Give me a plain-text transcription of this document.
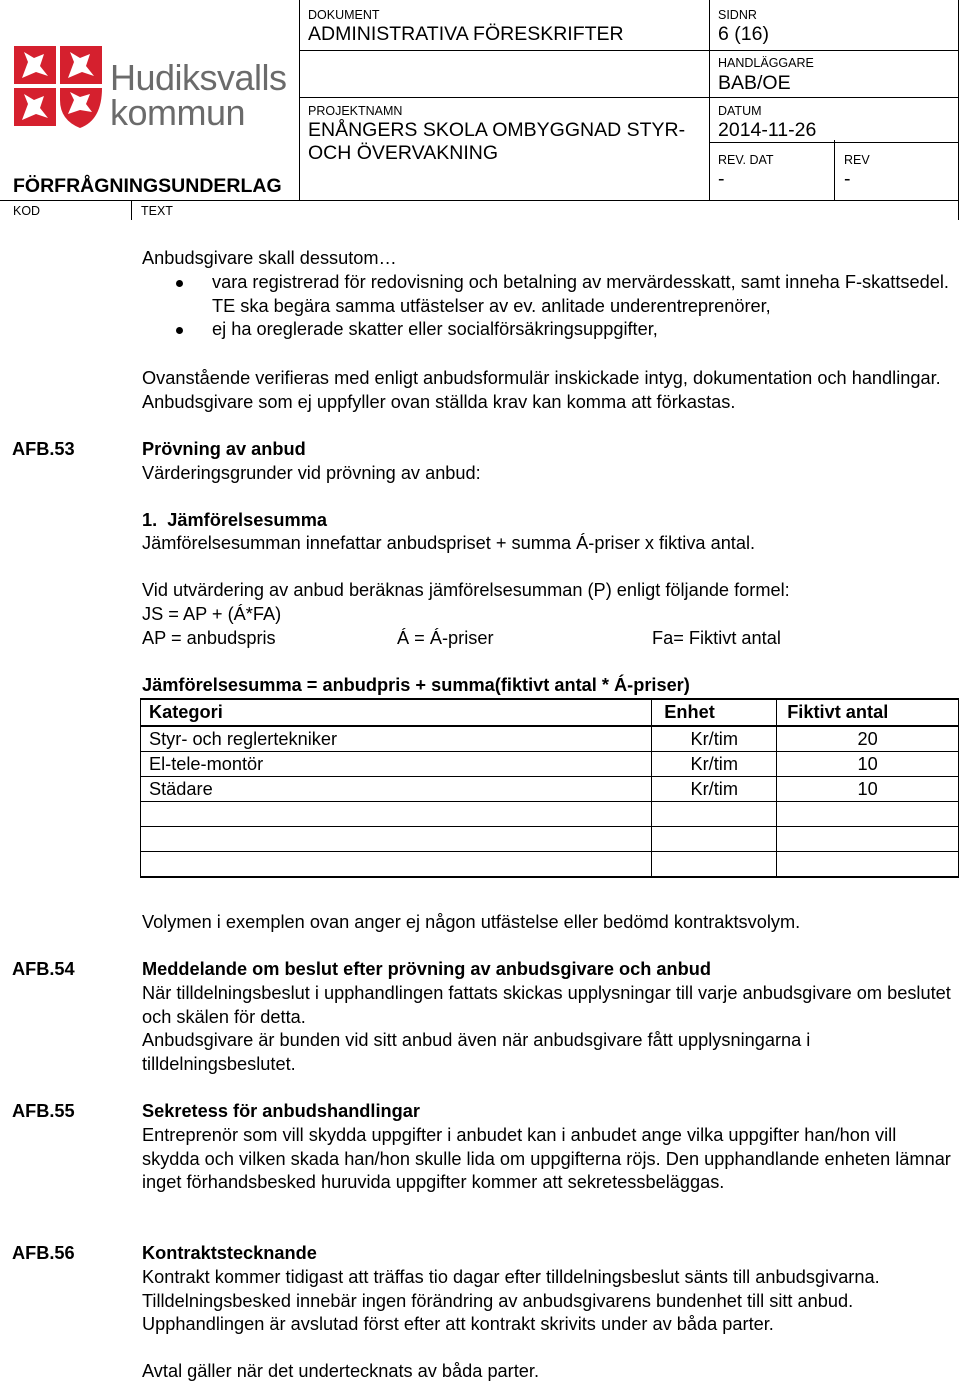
Hudiksvalls
kommun
FÖRFRÅGNINGSUNDERLAG
DOKUMENT
ADMINISTRATIVA FÖRESKRIFTER
SIDNR
6 (16)
HANDLÄGGARE
BAB/OE
PROJEKTNAMN
ENÅNGERS SKOLA OMBYGGNAD STYR-
OCH ÖVERVAKNING
DATUM
2014-11-26
REV. DAT
-
REV
-
KOD	TEXT
Anbudsgivare skall dessutom…
vara registrerad för redovisning och betalning av mervärdesskatt, samt inneha F-skattsedel. TE ska begära samma utfästelser av ev. anlitade underentreprenörer,
ej ha oreglerade skatter eller socialförsäkringsuppgifter,
Ovanstående verifieras med enligt anbudsformulär inskickade intyg, dokumentation och handlingar. Anbudsgivare som ej uppfyller ovan ställda krav kan komma att förkastas.
AFB.53	Prövning av anbud
Värderingsgrunder vid prövning av anbud:
1.  Jämförelsesumma
Jämförelsesumman innefattar anbudspriset + summa Á-priser x fiktiva antal.
Vid utvärdering av anbud beräknas jämförelsesumman (P) enligt följande formel:
JS = AP + (Á*FA)
AP = anbudspris	Á = Á-priser	Fa= Fiktivt antal
Jämförelsesumma = anbudpris + summa(fiktivt antal * Á-priser)
Kategori	Enhet	Fiktivt antal
Styr- och reglertekniker	Kr/tim	20
El-tele-montör	Kr/tim	10
Städare	Kr/tim	10

Volymen i exemplen ovan anger ej någon utfästelse eller bedömd kontraktsvolym.
AFB.54	Meddelande om beslut efter prövning av anbudsgivare och anbud
När tilldelningsbeslut i upphandlingen fattats skickas upplysningar till varje anbudsgivare om beslutet och skälen för detta.
Anbudsgivare är bunden vid sitt anbud även när anbudsgivare fått upplysningarna i tilldelningsbeslutet.
AFB.55	Sekretess för anbudshandlingar
Entreprenör som vill skydda uppgifter i anbudet kan i anbudet ange vilka uppgifter han/hon vill skydda och vilken skada han/hon skulle lida om uppgifterna röjs. Den upphandlande enheten lämnar inget förhandsbesked huruvida uppgifter kommer att sekretessbeläggas.
AFB.56	Kontraktstecknande
Kontrakt kommer tidigast att träffas tio dagar efter tilldelningsbeslut sänts till anbudsgivarna. Tilldelningsbesked innebär ingen förändring av anbudsgivarens bundenhet till sitt anbud. Upphandlingen är avslutad först efter att kontrakt skrivits under av båda parter.
Avtal gäller när det undertecknats av båda parter.
